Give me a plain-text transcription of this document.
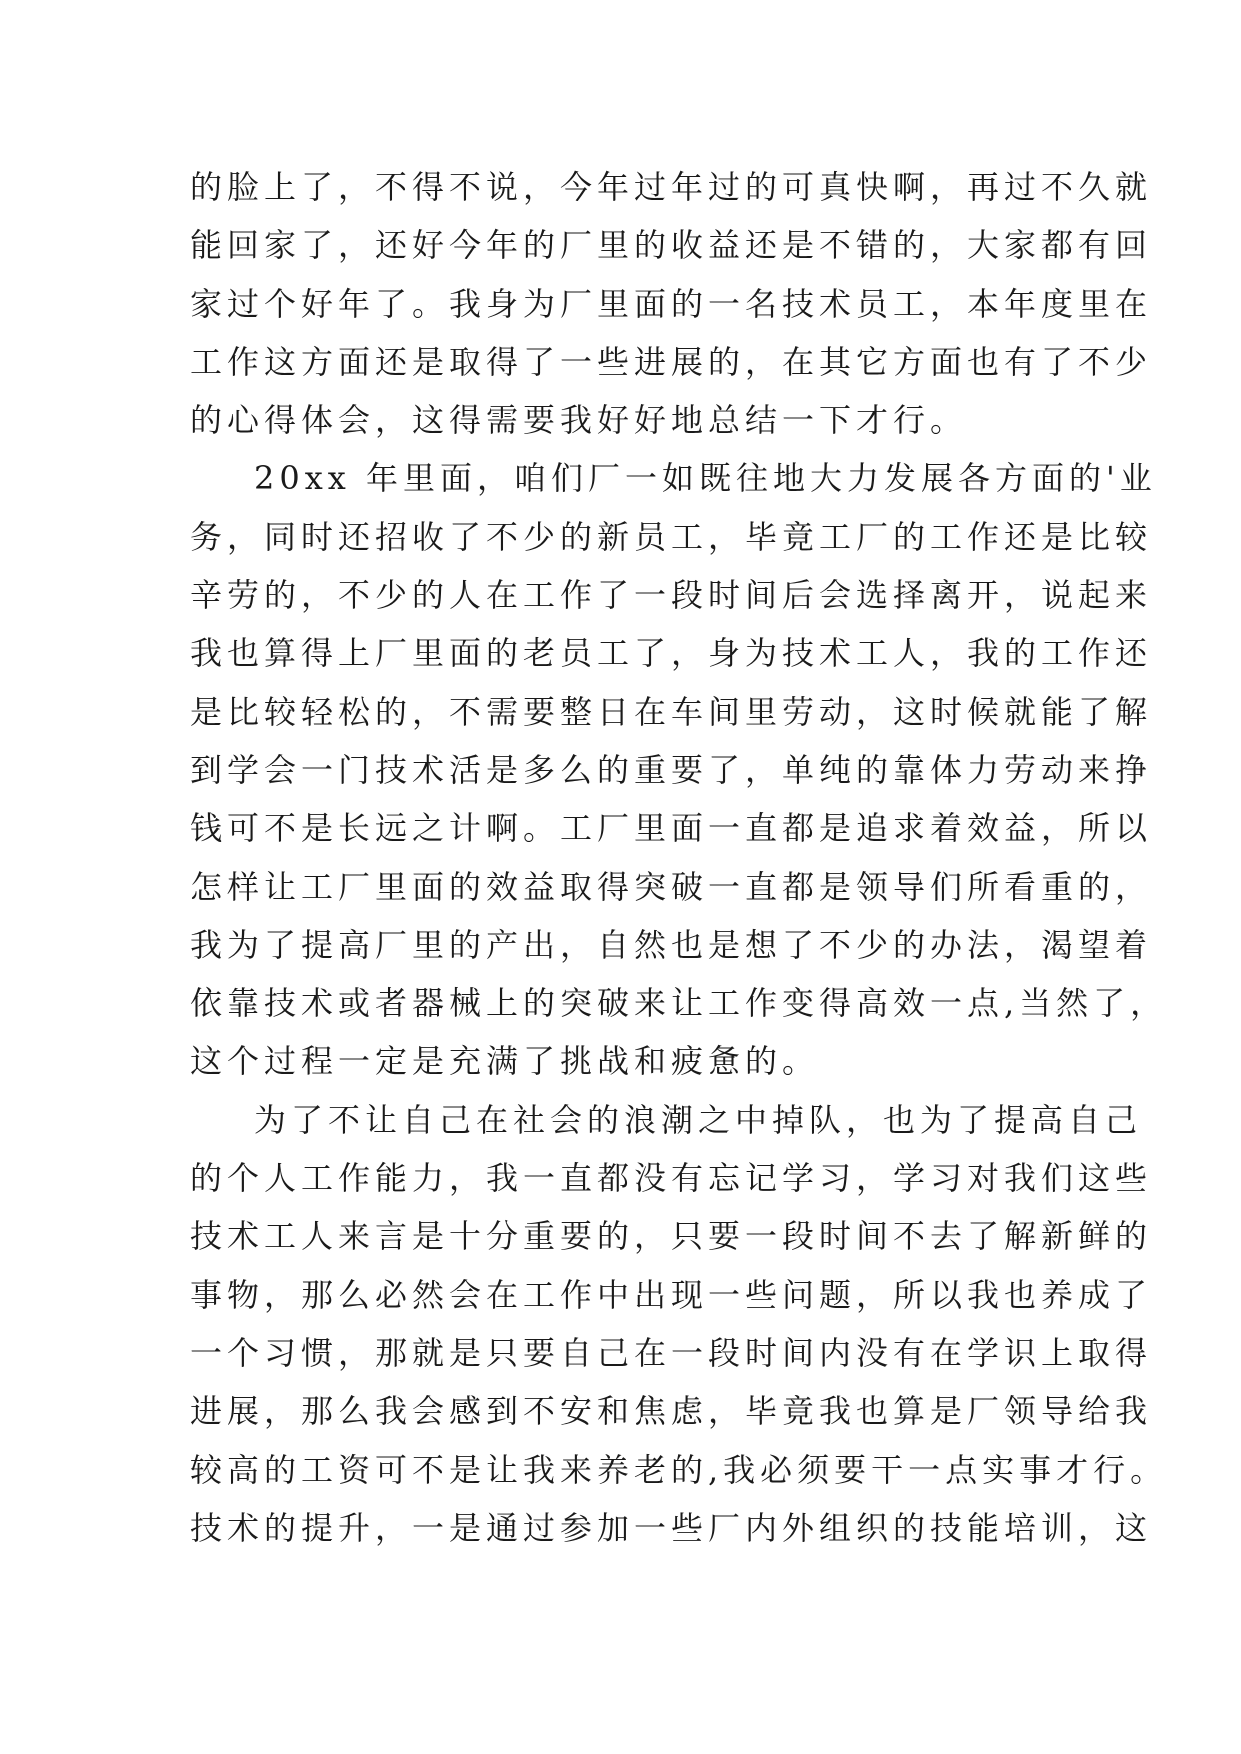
的脸上了，不得不说，今年过年过的可真快啊，再过不久就
能回家了，还好今年的厂里的收益还是不错的，大家都有回
家过个好年了。我身为厂里面的一名技术员工，本年度里在
工作这方面还是取得了一些进展的，在其它方面也有了不少
的心得体会，这得需要我好好地总结一下才行。
20xx 年里面，咱们厂一如既往地大力发展各方面的'业
务，同时还招收了不少的新员工，毕竟工厂的工作还是比较
辛劳的，不少的人在工作了一段时间后会选择离开，说起来
我也算得上厂里面的老员工了，身为技术工人，我的工作还
是比较轻松的，不需要整日在车间里劳动，这时候就能了解
到学会一门技术活是多么的重要了，单纯的靠体力劳动来挣
钱可不是长远之计啊。工厂里面一直都是追求着效益，所以
怎样让工厂里面的效益取得突破一直都是领导们所看重的，
我为了提高厂里的产出，自然也是想了不少的办法，渴望着
依靠技术或者器械上的突破来让工作变得高效一点,当然了，
这个过程一定是充满了挑战和疲惫的。
为了不让自己在社会的浪潮之中掉队，也为了提高自己
的个人工作能力，我一直都没有忘记学习，学习对我们这些
技术工人来言是十分重要的，只要一段时间不去了解新鲜的
事物，那么必然会在工作中出现一些问题，所以我也养成了
一个习惯，那就是只要自己在一段时间内没有在学识上取得
进展，那么我会感到不安和焦虑，毕竟我也算是厂领导给我
较高的工资可不是让我来养老的,我必须要干一点实事才行。
技术的提升，一是通过参加一些厂内外组织的技能培训，这
